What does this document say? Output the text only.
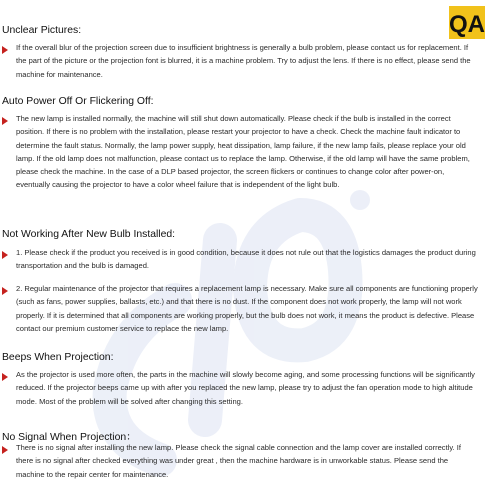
QA
Unclear Pictures:
If the overall blur of the projection screen due to insufficient brightness is generally a bulb problem, please contact us for replacement. If the part of the picture or the projection font is blurred, it is a machine problem. Try to adjust the lens. If there is no effect, please send the machine for maintenance.
Auto Power Off Or Flickering Off:
The new lamp is installed normally, the machine will still shut down automatically. Please check if the bulb is installed in the correct position. If there is no problem with the installation, please restart your projector to have a check. Check the machine fault indicator to determine the fault status. Normally, the lamp power supply, heat dissipation, lamp failure, if the new lamp fails, please replace your old lamp. If the old lamp does not malfunction, please contact us to replace the lamp. Otherwise, if the old lamp will have the same problem, please check the machine. In the case of a DLP based projector, the screen flickers or continues to change color after power-on, eventually causing the projector to have a color wheel failure that is independent of the light bulb.
Not Working After New Bulb Installed:
1. Please check if the product you received is in good condition, because it does not rule out that the logistics damages the product during transportation and the bulb is damaged.
2. Regular maintenance of the projector that requires a replacement lamp is necessary. Make sure all components are functioning properly (such as fans, power supplies, ballasts, etc.) and that there is no dust. If the component does not work properly, the lamp will not work properly. If it is determined that all components are working properly, but the bulb does not work, it means the product is defective. Please contact our premium customer service to replace the new lamp.
Beeps When Projection:
As the projector is used more often, the parts in the machine will slowly become aging, and some processing functions will be significantly reduced. If the projector beeps came up with after you replaced the new lamp, please try to adjust the fan operation mode to high altitude mode. Most of the problem will be solved after changing this setting.
No Signal When Projection：
There is no signal after installing the new lamp. Please check the signal cable connection and the lamp cover are installed correctly. If there is no signal after checked everything was under great , then the machine hardware is in unworkable status. Please send the machine to the repair center for maintenance.
